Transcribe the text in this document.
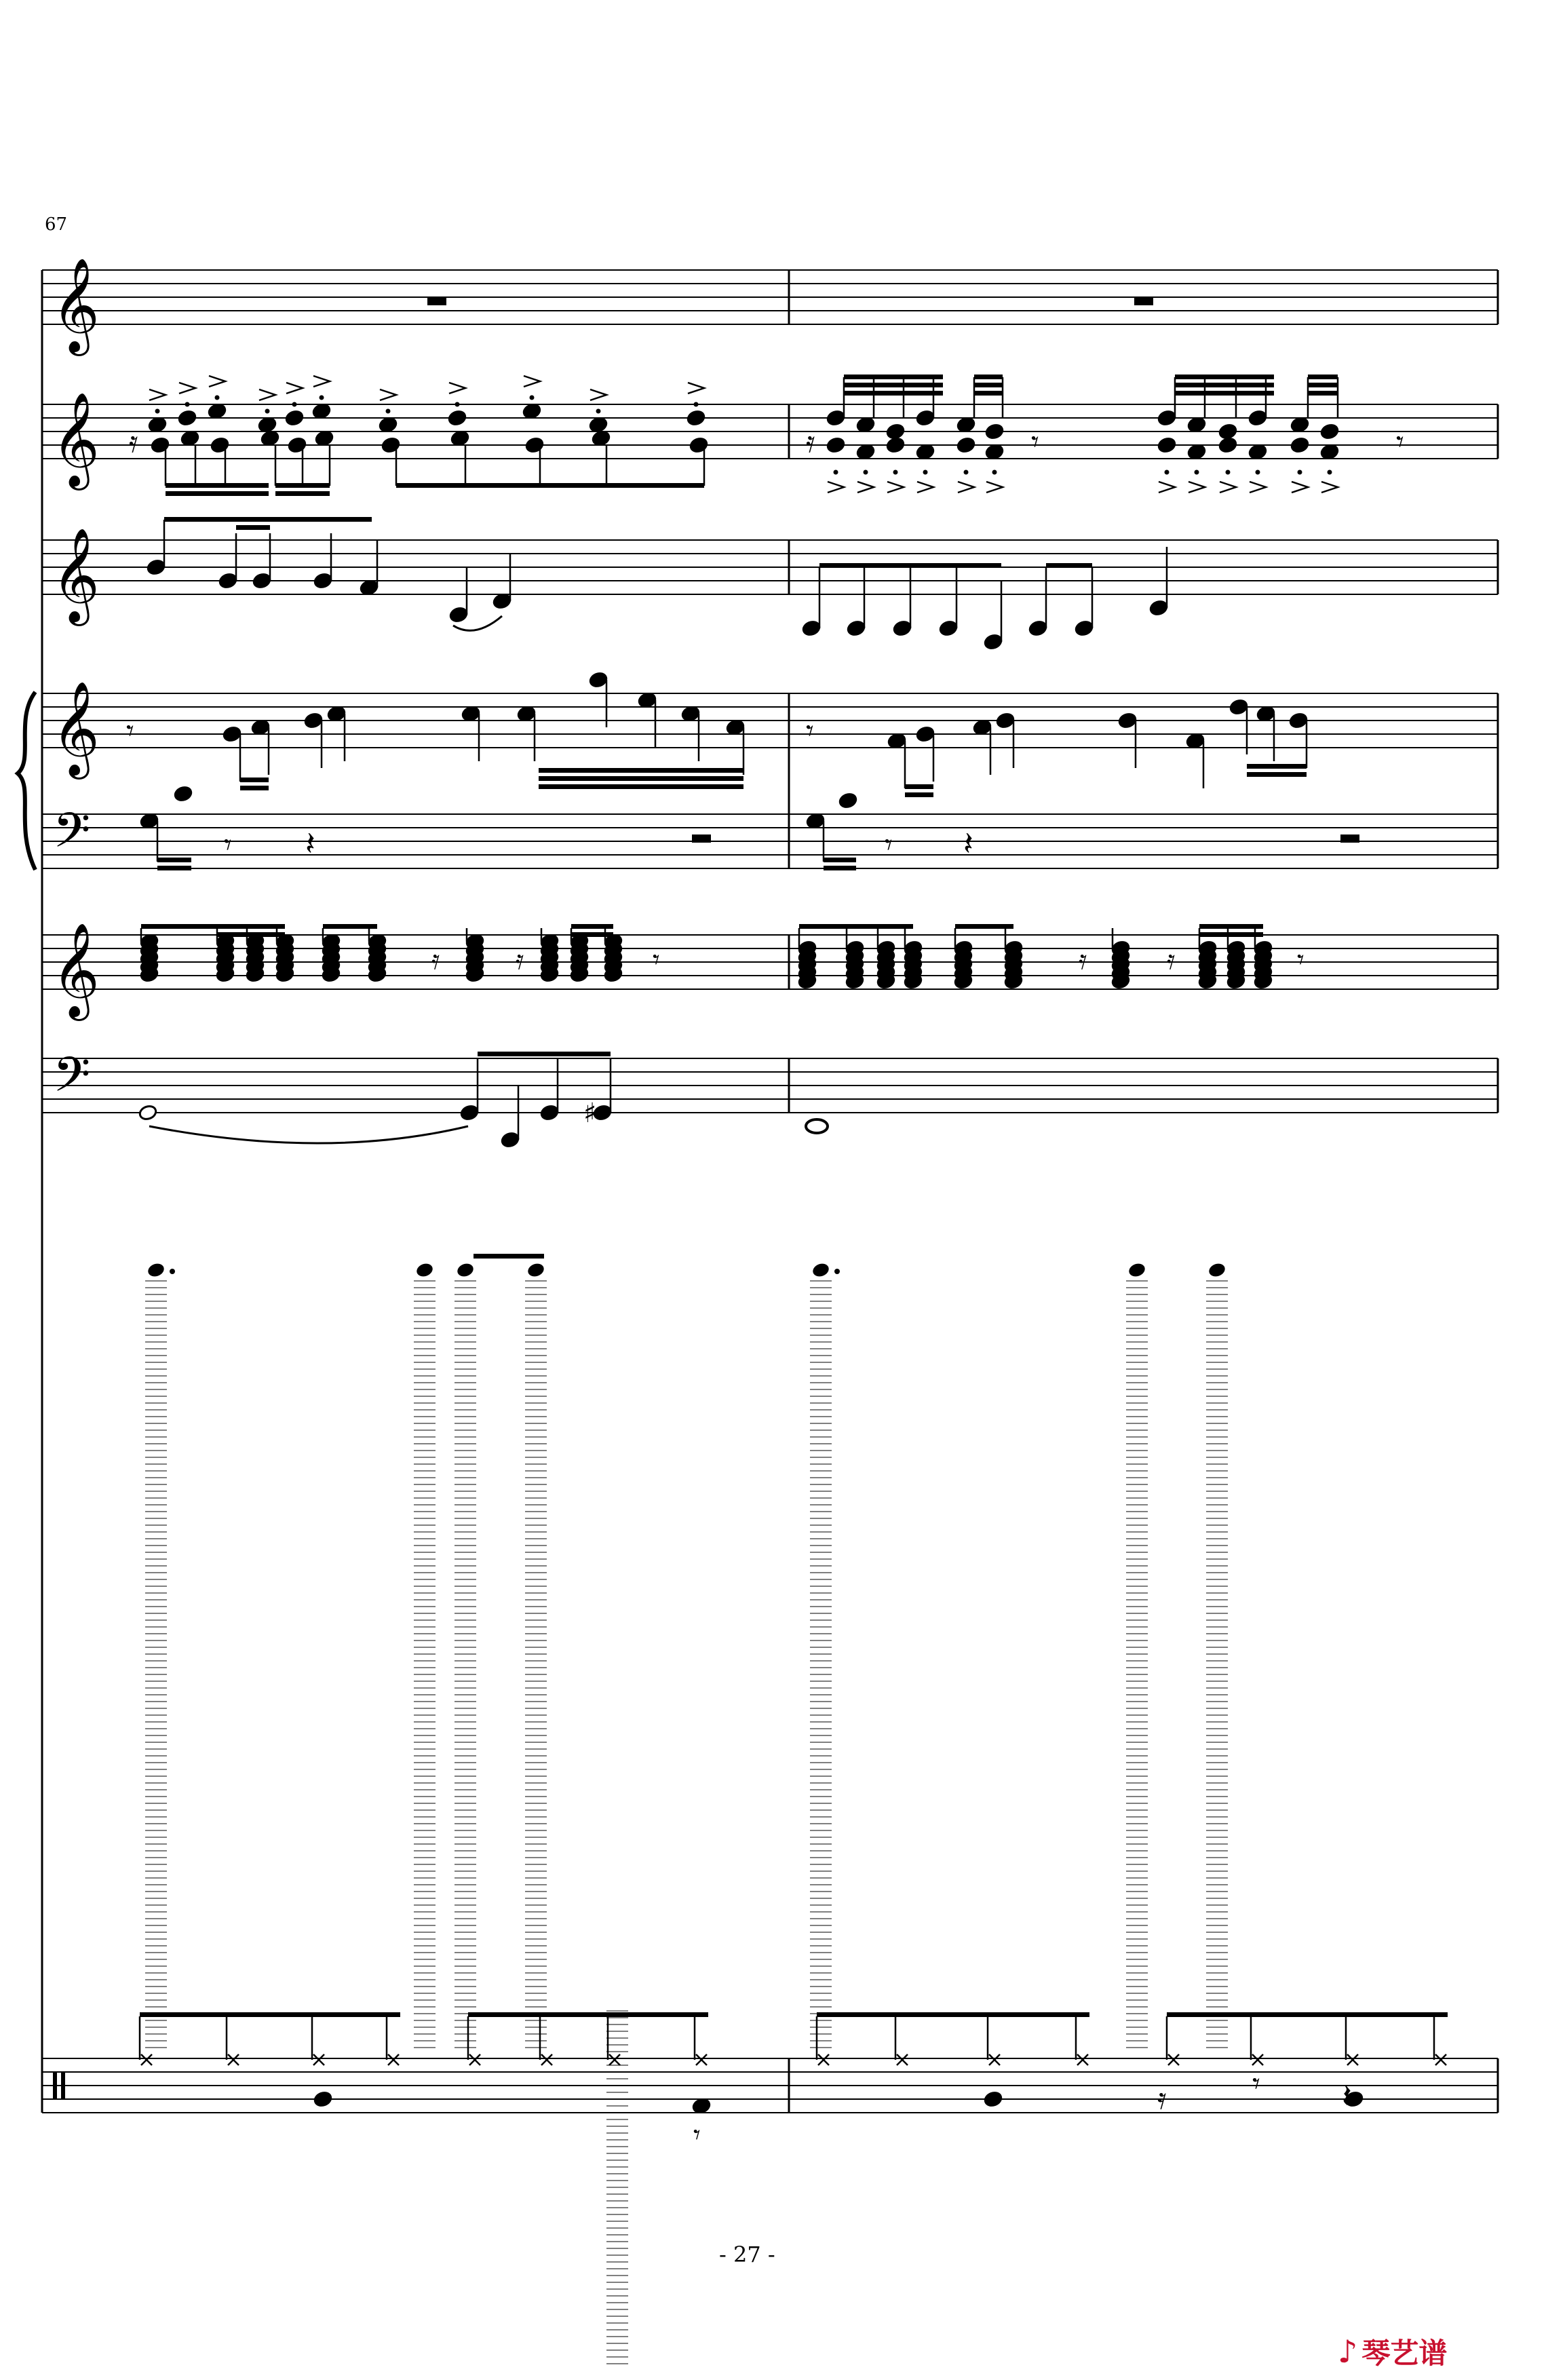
𝄞
𝄞
𝄞
𝄞
𝄢
𝄞
𝄢
𝄿	𝄿	𝄾	𝄾
𝄾	𝄾
𝄾 𝄽	𝄾 𝄽
𝄿	𝄿	𝄾	𝄿	𝄿	𝄾
♯
𝄾
𝄿	𝄾	𝄽
67
- 27 -
♪ 琴艺谱
